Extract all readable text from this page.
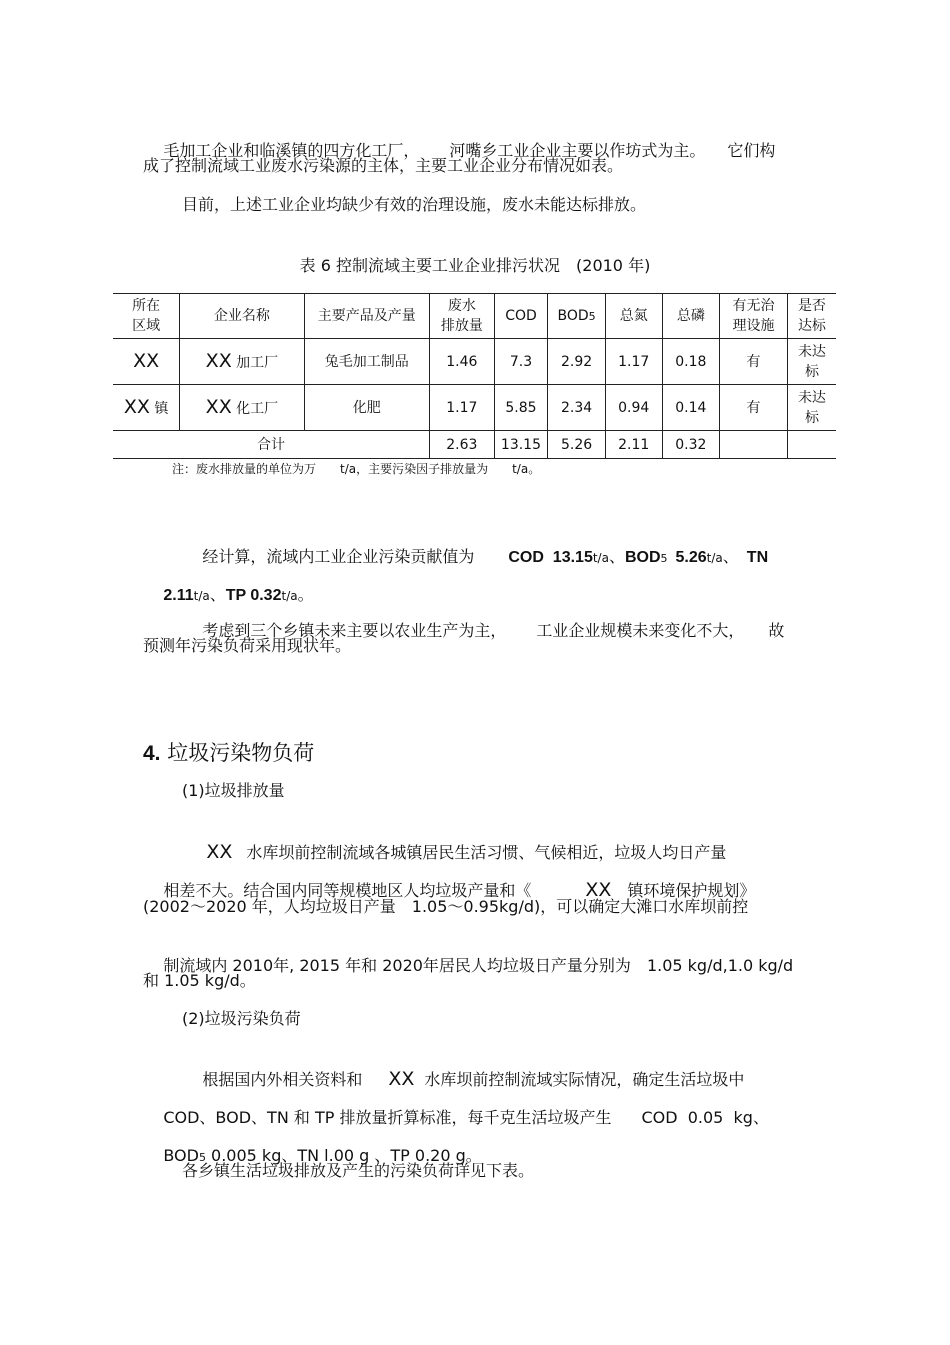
毛加工企业和临溪镇的四方化工厂， 河嘴乡工业企业主要以作坊式为主。 它们构

成了控制流域工业废水污染源的主体，主要工业企业分布情况如表。
目前，上述工业企业均缺少有效的治理设施，废水未能达标排放。
表 6 控制流域主要工业企业排污状况　(2010 年)
所在
区域	企业名称	主要产品及产量	废水
排放量	COD	BOD5	总氮	总磷	有无治
理设施	是否
达标
XX	XX 加工厂	兔毛加工制品	1.46	7.3	2.92	1.17	0.18	有	未达
标
XX 镇	XX 化工厂	化肥	1.17	5.85	2.34	0.94	0.14	有	未达
标
合计			2.63	13.15	5.26	2.11	0.32		
注：废水排放量的单位为万　　t/a，主要污染因子排放量为　　t/a。

经计算，流域内工业企业污染贡献值为 COD  13.15t/a、BOD5 5.26t/a、 TN

2.11t/a、TP 0.32t/a。

考虑到三个乡镇未来主要以农业生产为主， 工业企业规模未来变化不大， 故

预测年污染负荷采用现状年。
4. 垃圾污染物负荷
(1)垃圾排放量

XX 水库坝前控制流域各城镇居民生活习惯、气候相近，垃圾人均日产量

相差不大。结合国内同等规模地区人均垃圾产量和《	XX 镇环境保护规划》

(2002～2020 年，人均垃圾日产量　1.05～0.95kg/d)，可以确定大滩口水库坝前控

制流域内 2010年, 2015 年和 2020年居民人均垃圾日产量分别为 1.05 kg/d,1.0 kg/d

和 1.05 kg/d。
(2)垃圾污染负荷

根据国内外相关资料和 XX 水库坝前控制流域实际情况，确定生活垃圾中

COD、BOD、TN 和 TP 排放量折算标准，每千克生活垃圾产生 COD  0.05  kg、

BOD5 0.005 kg、TN l.00 g 、TP 0.20 g。

各乡镇生活垃圾排放及产生的污染负荷详见下表。
